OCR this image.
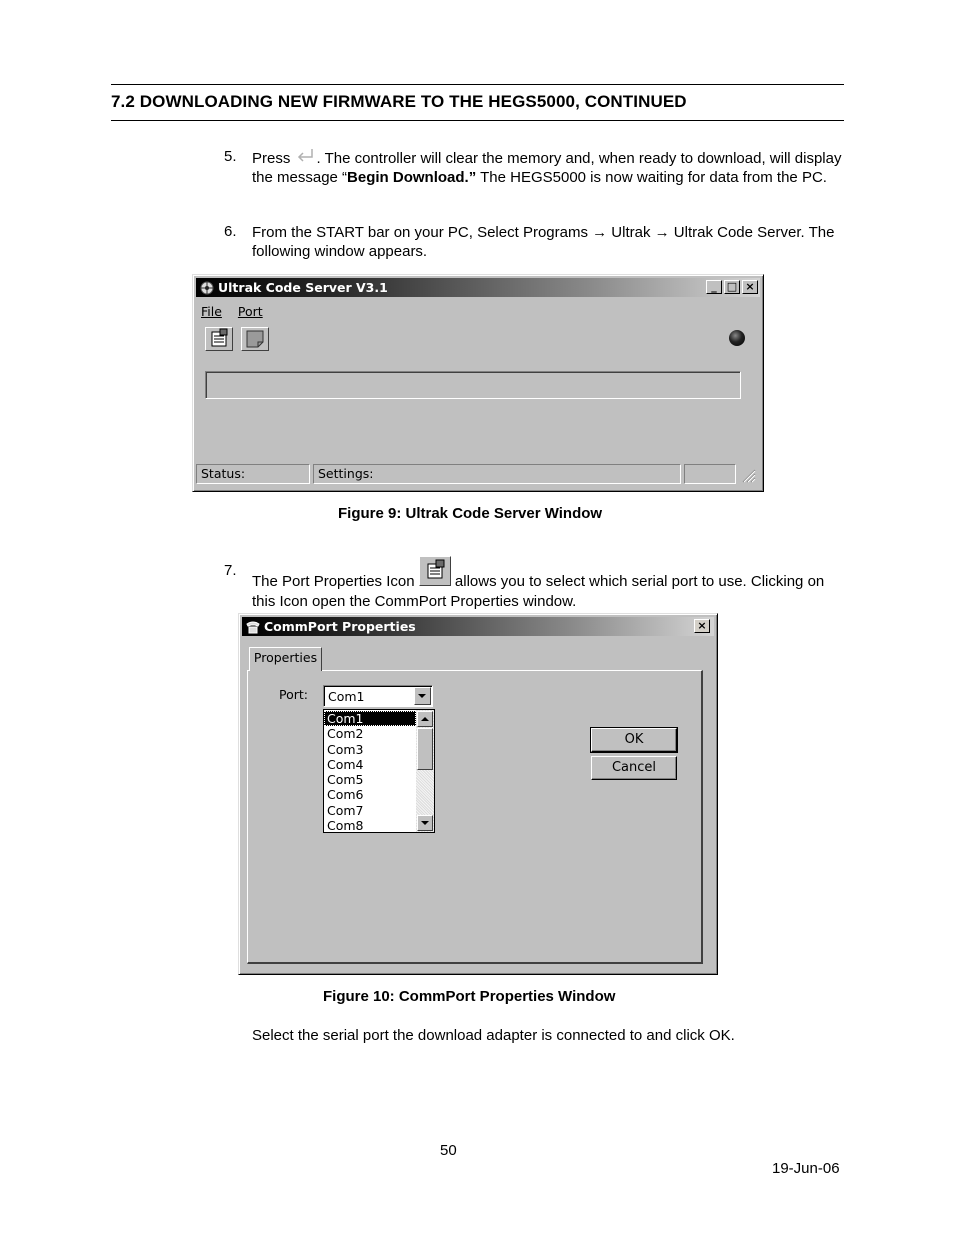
7.2 DOWNLOADING NEW FIRMWARE TO THE HEGS5000, CONTINUED
5. Press . The controller will clear the memory and, when ready to download, will display the message “Begin Download.” The HEGS5000 is now waiting for data from the PC.
6. From the START bar on your PC, Select Programs → Ultrak → Ultrak Code Server. The following window appears.
Ultrak Code Server V3.1	_ □ ×
File Port
Status:	Settings:
Figure 9: Ultrak Code Server Window
7.
The Port Properties Icon
allows you to select which serial port to use. Clicking on this Icon open the CommPort Properties window.
CommPort Properties	×
Properties
Port: Com1
Com1
Com2
Com3
Com4
Com5
Com6
Com7
Com8
OK
Cancel
Figure 10: CommPort Properties Window
Select the serial port the download adapter is connected to and click OK.
50
19-Jun-06
